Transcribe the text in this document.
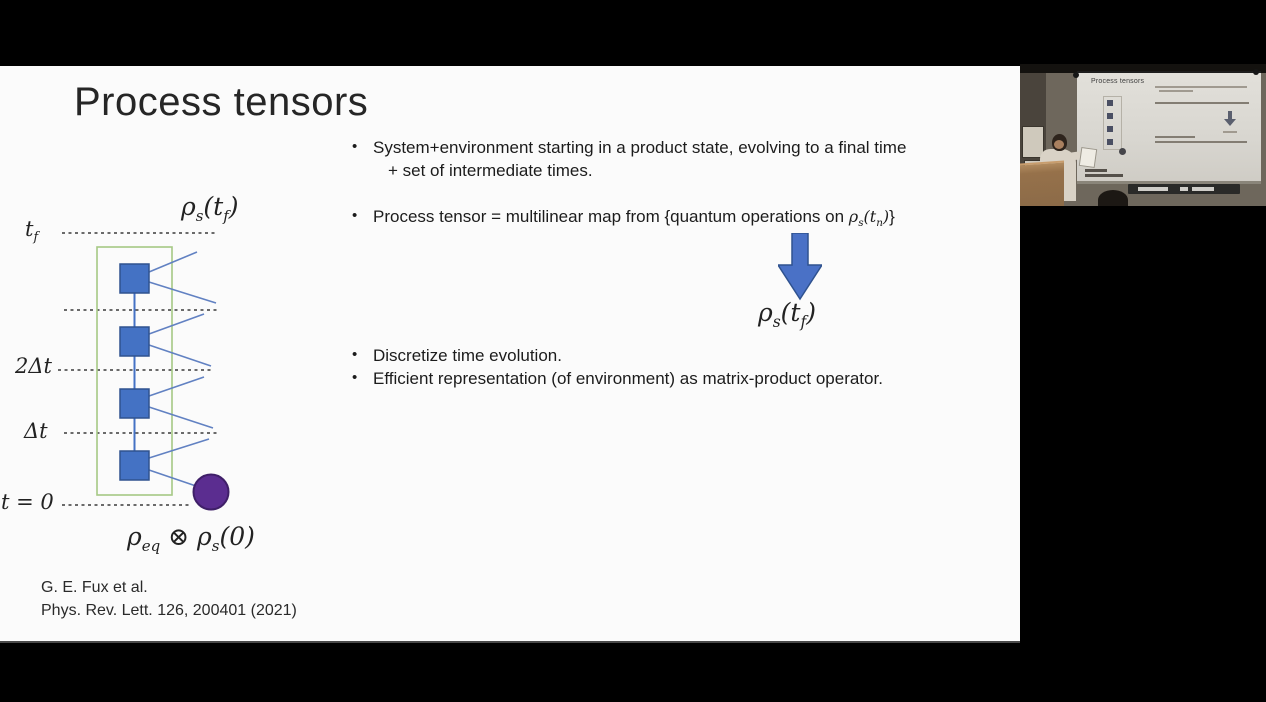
Process tensors
• System+environment starting in a product state, evolving to a final time
+ set of intermediate times.
• Process tensor = multilinear map from {quantum operations on $\rho_s(t_n)$}
$\rho_s(t_f)$
• Discretize time evolution.
• Efficient representation (of environment) as matrix-product operator.
$t_f$
2Δt
Δt
t = 0
$\rho_s(t_f)$
$\rho_{eq}$ ⊗ $\rho_s(0)$
G. E. Fux et al.
Phys. Rev. Lett. 126, 200401 (2021)
Process tensors
